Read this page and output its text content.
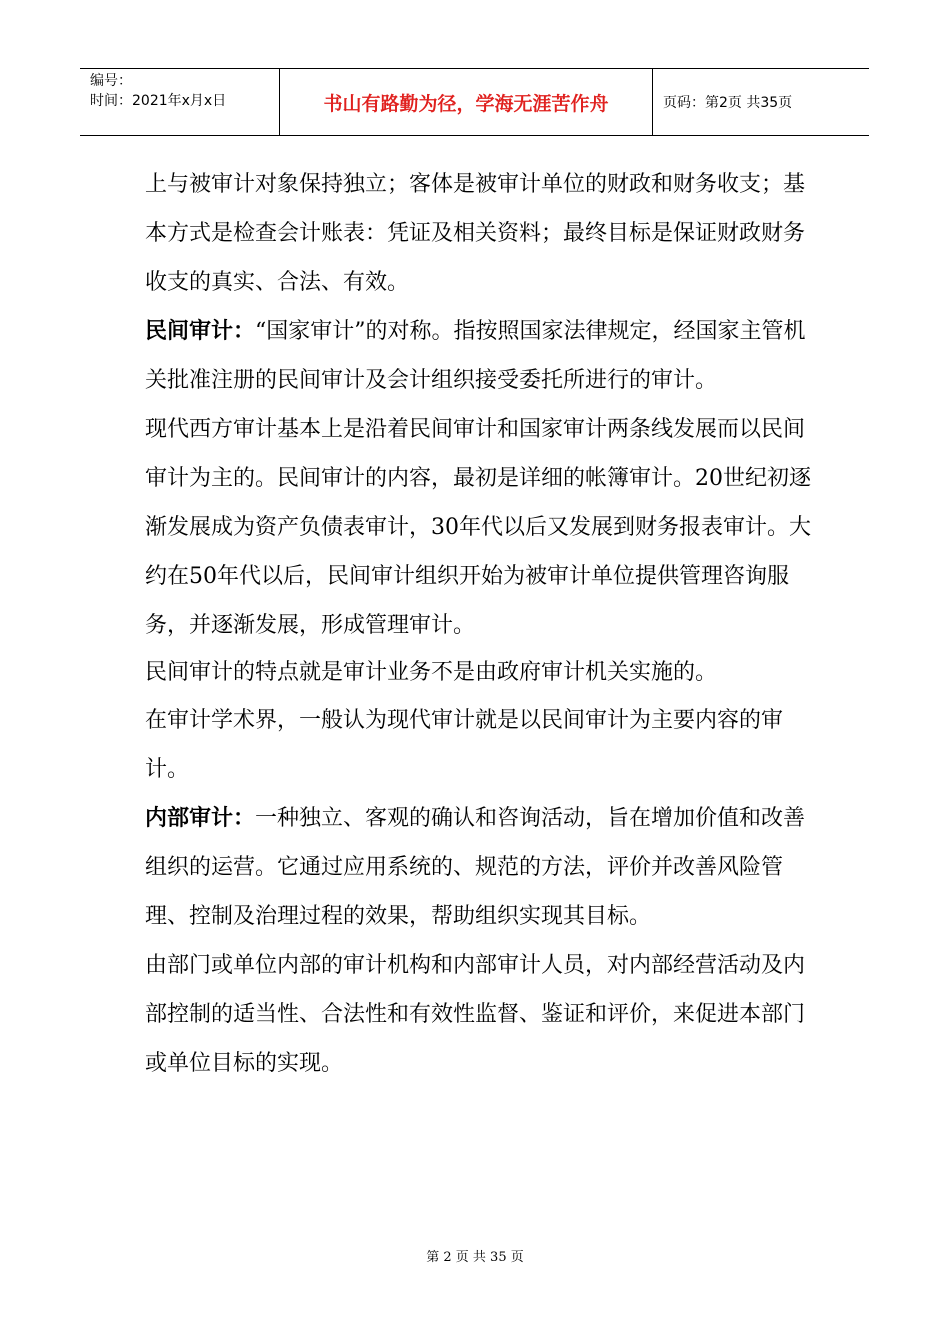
编号：
时间：2021年x月x日	书山有路勤为径，学海无涯苦作舟	页码：第2页 共35页

上与被审计对象保持独立；客体是被审计单位的财政和财务收支；基本方式是检查会计账表：凭证及相关资料；最终目标是保证财政财务收支的真实、合法、有效。

民间审计：“国家审计”的对称。指按照国家法律规定，经国家主管机关批准注册的民间审计及会计组织接受委托所进行的审计。

现代西方审计基本上是沿着民间审计和国家审计两条线发展而以民间审计为主的。民间审计的内容，最初是详细的帐簿审计。20世纪初逐渐发展成为资产负债表审计，30年代以后又发展到财务报表审计。大约在50年代以后，民间审计组织开始为被审计单位提供管理咨询服务，并逐渐发展，形成管理审计。

民间审计的特点就是审计业务不是由政府审计机关实施的。

在审计学术界，一般认为现代审计就是以民间审计为主要内容的审计。

内部审计：一种独立、客观的确认和咨询活动，旨在增加价值和改善组织的运营。它通过应用系统的、规范的方法，评价并改善风险管理、控制及治理过程的效果，帮助组织实现其目标。

由部门或单位内部的审计机构和内部审计人员，对内部经营活动及内部控制的适当性、合法性和有效性监督、鉴证和评价，来促进本部门或单位目标的实现。

第 2 页 共 35 页
